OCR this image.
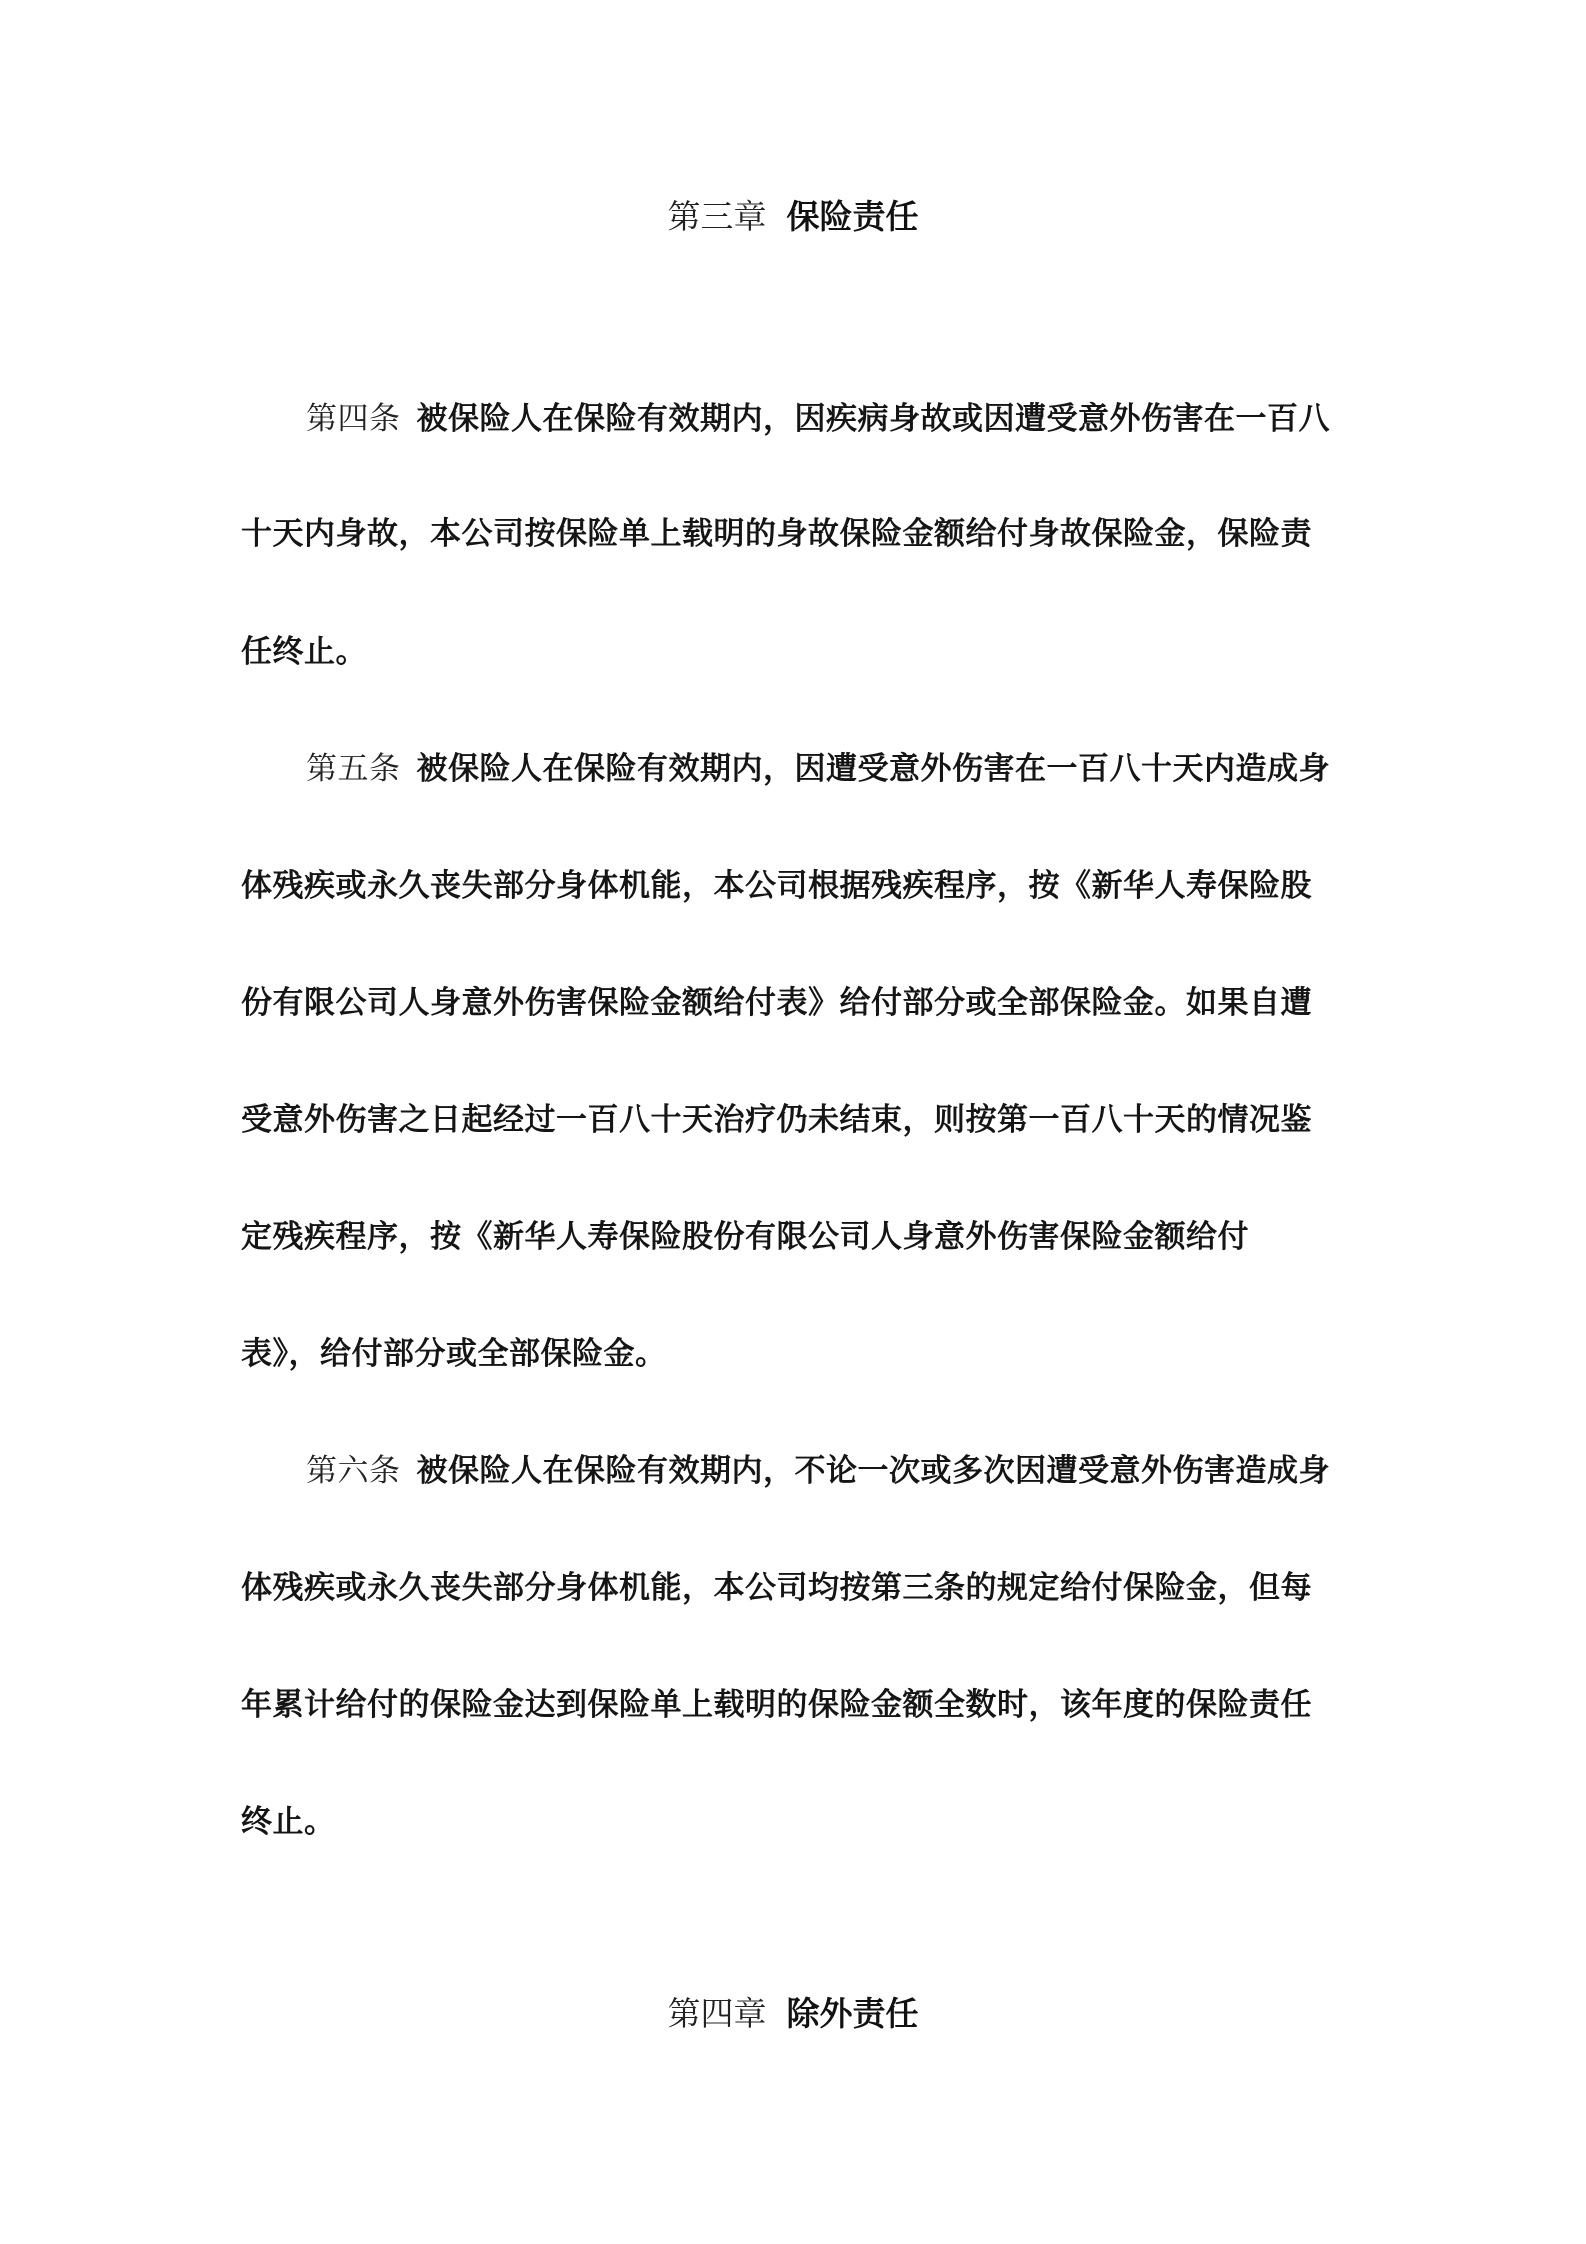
第三章 保险责任
第四条 被保险人在保险有效期内，因疾病身故或因遭受意外伤害在一百八
十天内身故，本公司按保险单上载明的身故保险金额给付身故保险金，保险责
任终止。
第五条 被保险人在保险有效期内，因遭受意外伤害在一百八十天内造成身
体残疾或永久丧失部分身体机能，本公司根据残疾程序，按《新华人寿保险股
份有限公司人身意外伤害保险金额给付表》给付部分或全部保险金。如果自遭
受意外伤害之日起经过一百八十天治疗仍未结束，则按第一百八十天的情况鉴
定残疾程序，按《新华人寿保险股份有限公司人身意外伤害保险金额给付
表》，给付部分或全部保险金。
第六条 被保险人在保险有效期内，不论一次或多次因遭受意外伤害造成身
体残疾或永久丧失部分身体机能，本公司均按第三条的规定给付保险金，但每
年累计给付的保险金达到保险单上载明的保险金额全数时，该年度的保险责任
终止。
第四章 除外责任
